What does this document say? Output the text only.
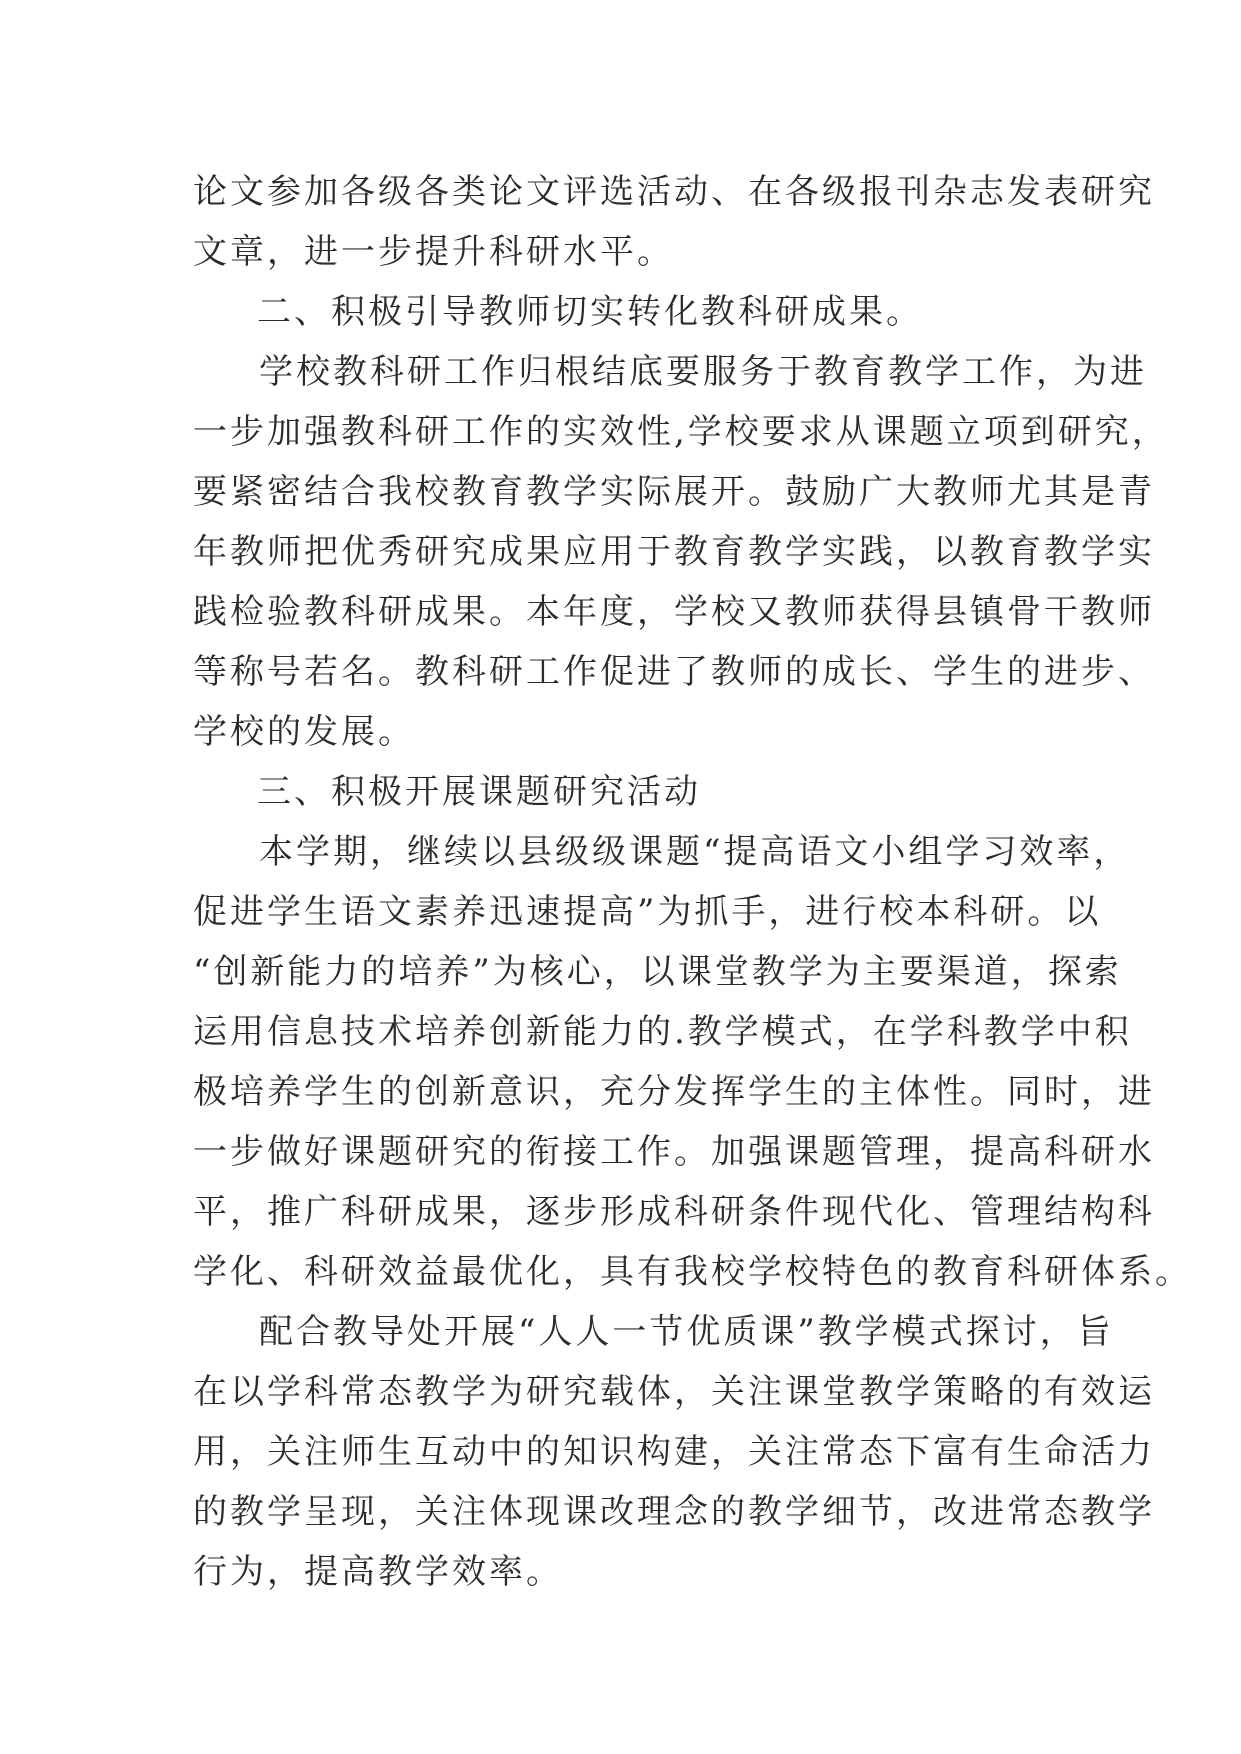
论文参加各级各类论文评选活动、在各级报刊杂志发表研究
文章，进一步提升科研水平。
二、积极引导教师切实转化教科研成果。
学校教科研工作归根结底要服务于教育教学工作，为进
一步加强教科研工作的实效性,学校要求从课题立项到研究，
要紧密结合我校教育教学实际展开。鼓励广大教师尤其是青
年教师把优秀研究成果应用于教育教学实践，以教育教学实
践检验教科研成果。本年度，学校又教师获得县镇骨干教师
等称号若名。教科研工作促进了教师的成长、学生的进步、
学校的发展。
三、积极开展课题研究活动
本学期，继续以县级级课题“提高语文小组学习效率，
促进学生语文素养迅速提高”为抓手，进行校本科研。以
“创新能力的培养”为核心，以课堂教学为主要渠道，探索
运用信息技术培养创新能力的.教学模式，在学科教学中积
极培养学生的创新意识，充分发挥学生的主体性。同时，进
一步做好课题研究的衔接工作。加强课题管理，提高科研水
平，推广科研成果，逐步形成科研条件现代化、管理结构科
学化、科研效益最优化，具有我校学校特色的教育科研体系。
配合教导处开展“人人一节优质课”教学模式探讨，旨
在以学科常态教学为研究载体，关注课堂教学策略的有效运
用，关注师生互动中的知识构建，关注常态下富有生命活力
的教学呈现，关注体现课改理念的教学细节，改进常态教学
行为，提高教学效率。
